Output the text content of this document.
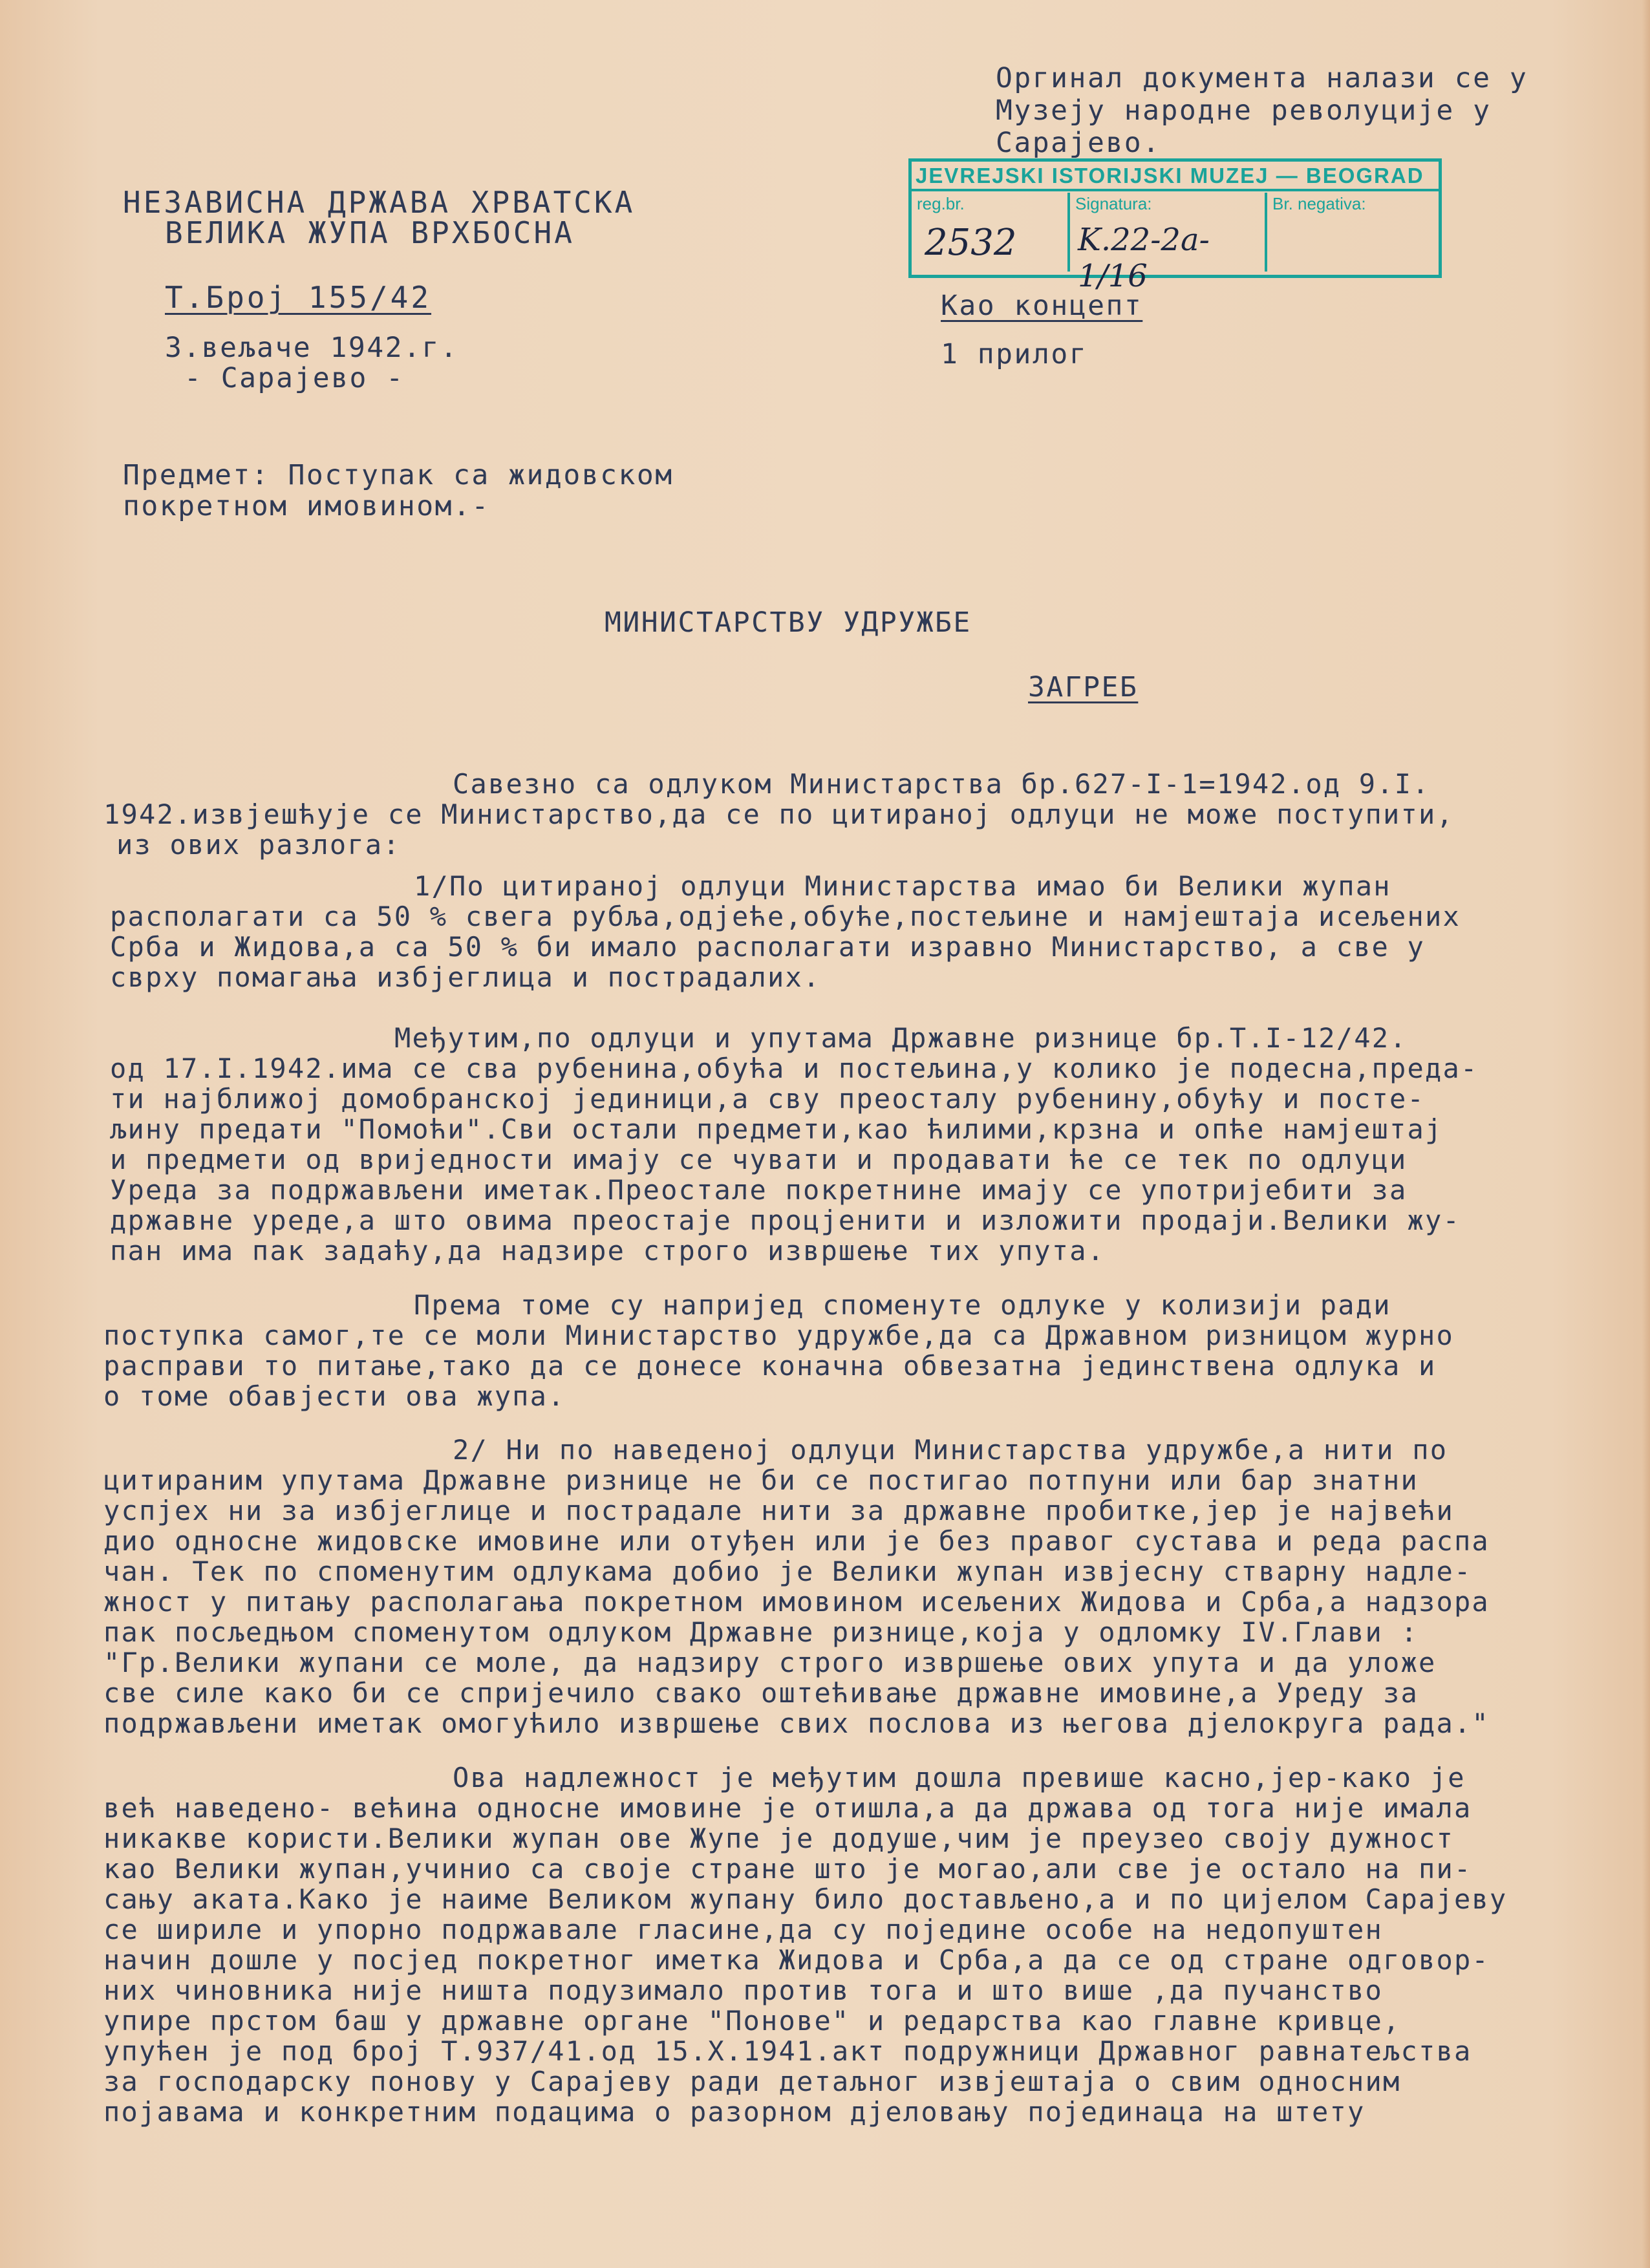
Оргинал документа налази се у
Музеју народне револуције у
Сарајево.
JEVREJSKI ISTORIJSKI MUZEJ — BEOGRAD
reg.br.
2532
Signatura:
K.22-2a-1/16
Br. negativa:
НЕЗАВИСНА ДРЖАВА ХРВАТСКА
ВЕЛИКА ЖУПА ВРХБОСНА
Т.Број 155/42
3.вељаче 1942.г.
- Сарајево -
Као концепт
1 прилог
Предмет: Поступак са жидовском
покретном имовином.-
МИНИСТАРСТВУ УДРУЖБЕ
ЗАГРЕБ
Савезно са одлуком Министарства бр.627-I-1=1942.од 9.I.
1942.извјешћује се Министарство,да се по цитираној одлуци не може поступити,
из ових разлога:
1/По цитираној одлуци Министарства имао би Велики жупан
располагати са 50 % свега рубља,одјеће,обуће,постељине и намјештаја исељених
Срба и Жидова,а са 50 % би имало располагати изравно Министарство, а све у
сврху помагања избјеглица и пострадалих.
Међутим,по одлуци и упутама Државне ризнице бр.Т.I-12/42.
од 17.I.1942.има се сва рубенина,обућа и постељина,у колико је подесна,преда-
ти најближој домобранској јединици,а сву преосталу рубенину,обућу и посте-
љину предати "Помоћи".Сви остали предмети,као ћилими,крзна и опће намјештај
и предмети од вриједности имају се чувати и продавати ће се тек по одлуци
Уреда за подржављени иметак.Преостале покретнине имају се употријебити за
државне уреде,а што овима преостаје процјенити и изложити продаји.Велики жу-
пан има пак задаћу,да надзире строго извршење тих упута.
Према томе су напријед споменуте одлуке у колизији ради
поступка самог,те се моли Министарство удружбе,да са Државном ризницом журно
расправи то питање,тако да се донесе коначна обвезатна јединствена одлука и
о томе обавјести ова жупа.
2/ Ни по наведеној одлуци Министарства удружбе,а нити по
цитираним упутама Државне ризнице не би се постигао потпуни или бар знатни
успјех ни за избјеглице и пострадале нити за државне пробитке,јер је највећи
дио односне жидовске имовине или отуђен или је без правог сустава и реда распа
чан. Тек по споменутим одлукама добио је Велики жупан извјесну стварну надле-
жност у питању располагања покретном имовином исељених Жидова и Срба,а надзора
пак посљедњом споменутом одлуком Државне ризнице,која у одломку IV.Глави :
"Гр.Велики жупани се моле, да надзиру строго извршење ових упута и да уложе
све силе како би се спријечило свако оштећивање државне имовине,а Уреду за
подржављени иметак омогућило извршење свих послова из његова дјелокруга рада."
Ова надлежност је међутим дошла превише касно,јер-како је
већ наведено- већина односне имовине је отишла,а да држава од тога није имала
никакве користи.Велики жупан ове Жупе је додуше,чим је преузео своју дужност
као Велики жупан,учинио са своје стране што је могао,али све је остало на пи-
сању аката.Како је наиме Великом жупану било достављено,а и по цијелом Сарајеву
се шириле и упорно подржавале гласине,да су поједине особе на недопуштен
начин дошле у посјед покретног иметка Жидова и Срба,а да се од стране одговор-
них чиновника није ништа подузимало против тога и што више ,да пучанство
упире прстом баш у државне органе "Понове" и редарства као главне кривце,
упућен је под број Т.937/41.од 15.X.1941.акт подружници Државног равнатељства
за господарску понову у Сарајеву ради детаљног извјештаја о свим односним
појавама и конкретним подацима о разорном дјеловању појединаца на штету
